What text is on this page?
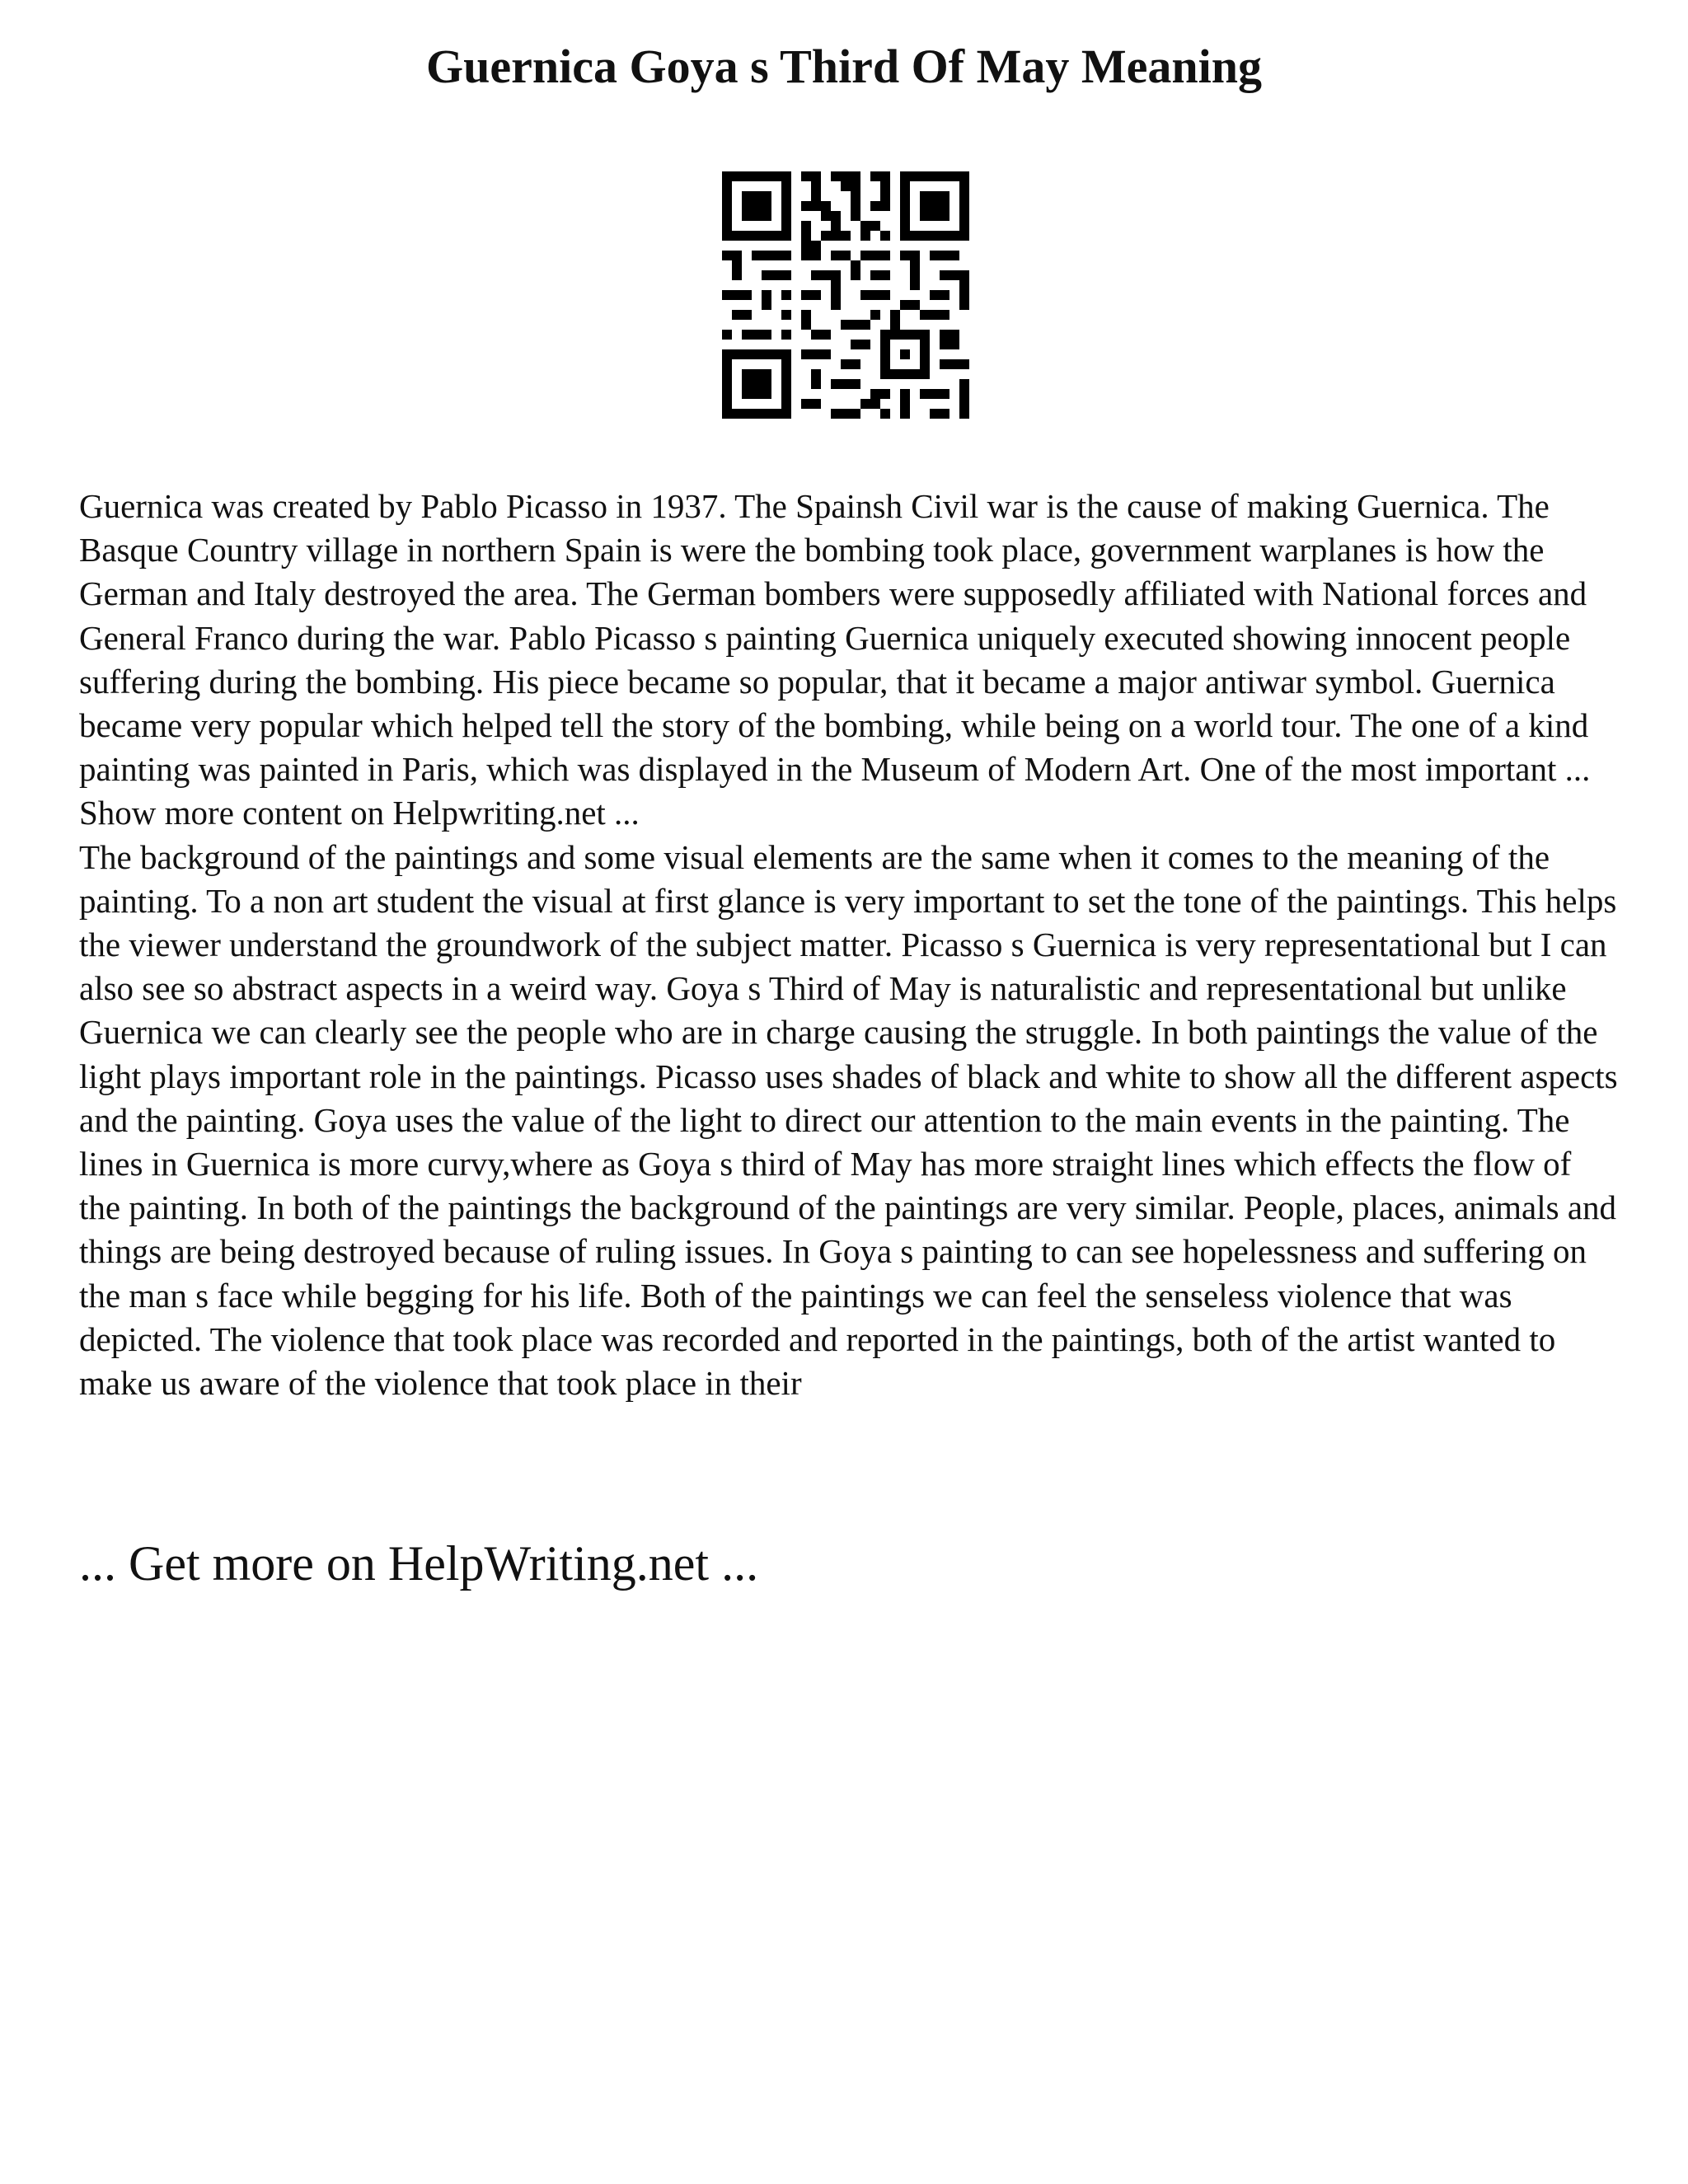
Guernica Goya s Third Of May Meaning

Guernica was created by Pablo Picasso in 1937. The Spainsh Civil war is the cause of making Guernica. The Basque Country village in northern Spain is were the bombing took place, government warplanes is how the German and Italy destroyed the area. The German bombers were supposedly affiliated with National forces and General Franco during the war. Pablo Picasso s painting Guernica uniquely executed showing innocent people suffering during the bombing. His piece became so popular, that it became a major antiwar symbol. Guernica became very popular which helped tell the story of the bombing, while being on a world tour. The one of a kind painting was painted in Paris, which was displayed in the Museum of Modern Art. One of the most important ... Show more content on Helpwriting.net ...

The background of the paintings and some visual elements are the same when it comes to the meaning of the painting. To a non art student the visual at first glance is very important to set the tone of the paintings. This helps the viewer understand the groundwork of the subject matter. Picasso s Guernica is very representational but I can also see so abstract aspects in a weird way. Goya s Third of May is naturalistic and representational but unlike Guernica we can clearly see the people who are in charge causing the struggle. In both paintings the value of the light plays important role in the paintings. Picasso uses shades of black and white to show all the different aspects and the painting. Goya uses the value of the light to direct our attention to the main events in the painting. The lines in Guernica is more curvy,where as Goya s third of May has more straight lines which effects the flow of the painting. In both of the paintings the background of the paintings are very similar. People, places, animals and things are being destroyed because of ruling issues. In Goya s painting to can see hopelessness and suffering on the man s face while begging for his life. Both of the paintings we can feel the senseless violence that was depicted. The violence that took place was recorded and reported in the paintings, both of the artist wanted to make us aware of the violence that took place in their

... Get more on HelpWriting.net ...
